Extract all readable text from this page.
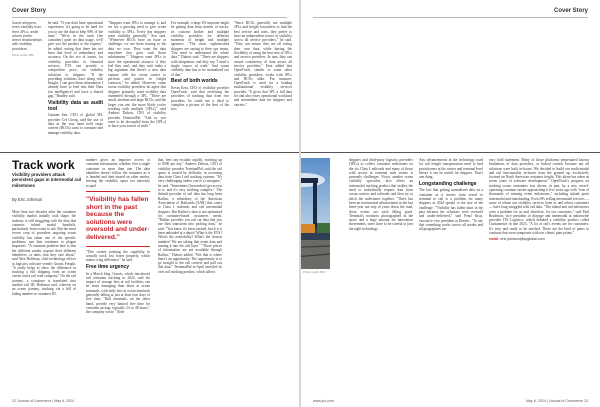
Cover Story
Some shippers, even visibility from their 3PLs, while others prefer direct relationships with visibility providers.
Photo credit: ABC

he said. "If you don't have operational experience, it's going to be hard for you to use the data to help 90% of the time." "We're in the track [the container] quiet on data usage, we'll give you the product to the experts," he added, noting that there has not been that level of redundancy and accuracy. On the eco of issues, for visibility providers to financial services, FTS can provide a competitive price, on visibility solutions to shippers. "If the providing solutions have along with Insight, I can give them information I already have to feed into their Data (on intelligence) and have a shared gap," Bradley said.

Visibility data as audit tool

Gautam Sen, CEO of global 3PL provider Cel Group, said the use of data in the way hand held cargo owners (BCOs) want to consume and manage visibility data.

"Shippers want 3PLs to manage it, and we see a growing need to give ocean visibility to 3PLs. Every day shippers want visibility generally," Sen said. "Whenever BCOs have an issue or challenge, we see them turning to the data we own. They want the data anywhere that goes with those subdomains." "Shippers want 3PLs to store the operational resource if they feel they can't, and they can't make a big argument that there's a new data capture with the ocean carrier to perform and parties in freight contracts," he added. However, some ocean visibility providers do agree that shippers primarily want visibility data channeled through a 3PL. "There are small, medium and large BCOs, and the larger you are, the more likely you're working with multiple [3PLs]," said Andrew Dubois, CEO of visibility provider TerminalPal. "And so, you want to be decoupled from the [3PLs] to have your source of truth."

For example, a large US importer might be getting data from dozens of trucks, its customs broker and multiple visibility providers for different moments of freight and multiple agencies. "The most sophisticated shippers are saying to their ops teams, 'You need to understand the whole data,'" Dubois said. "There are shippers with integration, and they say, 'I need a single source of truth.' And ocean visibility data has to be normalized out of that."

Best of both worlds

Kevin Ezra, CEO of visibility provider OpenTrack, said that reviewing the providers of tracking data from two providers, he could use a third to complete a picture of the best of the two.

"Since BCOs generally use multiple 3PLs and freight forwarders to find the best service and rates, they prefer to have an independent source of visibility across all service providers," he said. "They can ensure they are all seeing their own data, while having the flexibility of using the best mix of 3PLs and service providers. In turn, they can ensure consistency of data across all service providers." Ezra added that OpenTrack, similar to some other visibility providers, works with 3PLs and BCOs alike. For instance, OpenTrack is used for a leading multinational visibility services provider. "It gives that 3PL a full data set and also eases operational workload and streamlines data for shippers and carriers."

Track work
Visibility providers attack persistent gaps in intermodal rail milestones
By Eric Johnson

More than two decades after the container visibility market initially took shape, the industry is still struggling with the data that connects inland modal handoffs, particularly from ocean to rail. But the most recent crop of providers targeting ocean visibility has taken one of the specific problems, one that continues to plague importers. "A common problem here is that the different modes acquire their different identifiers, or units, that they care about," said Alex Hoffman, chief technology officer at logistics software vendor Gnosis Freight. "It really helps to show the difference in tracking a full shipping from an ocean carrier and a rail road company." On the rail journey, a container is translated into another rail ID, Hoffman said, whereas on an ocean journey, tracking via a bill of lading number or container ID.

number gives an importer access to container information, whether it be a single container or more than one. The data identifier doesn't follow the container as it is handed and then turned on other modes, leaving the visibility space too narrowly scoped.

"Visibility has fallen short in the past because the solutions were oversold and under-delivered."

"This creates tracking the capability to actually track lost boxes properly, which makes a big difference," he said.

Free time urgency

In a March blog, Gnosis, which introduced rail container tracking in 2022, said the impact of storage fees at rail facilities can be more damaging than those at ocean terminals, with daily fees in ocean terminals generally falling at just at least four days of free time. "Rail terminals, on the other hand, provide very limited free time for container pickup, typically 24 or 48 hours," the company wrote. "After

that, fees can escalate rapidly, reaching up to $500 per day." Andrew Dubois, CEO of visibility provider TerminalPal, said the rail space is caused by difficulty in accessing data from Class I rail tracking systems. "It's very challenging unless you're a consignee," he said. "Sometimes [forwarders] get access to it, and it's very tracking complex." The default provider of rail data has long been Railinc, a subsidiary of the American Association of Railroads (AAR) that caters to Class I railroads and rail intermodal shippers. But Railinc's data is not optimized for container-based customers needs. "Railinc provides you rail car data that you use then transform into picking data," he said. "You know it's been tracked, but it is it been unloaded at a depot? What is the ETA? What's the availability? What's the chassis number? We are taking that event data and turning it into the rail layer." "Those pieces of information are not available through Railinc," Dubois added. "Not that is where there's an opportunity. The opportunity is to go straight to the rail carriers and pull out that data." TerminalPal in April unveiled its own rail tracking product, which allows

12 Journal of Commerce | May 6, 2024
Cover Story
Photo credit: ABC

shippers and third-party logistics providers (3PLs) to collect container milestones on the six Class I railroads and many of those with access at terminal mile stones is presently challenges. Victor, another ocean visibility specialist, also offers an intermodal tracking product that tackles the need to individually request data from ocean carriers and railroads and then try to stitch the milestones together. "There has been an incremental advancement in the last three-year not step of years down the road, those events are each filling good. Terminal's monitors photographed in the space and a huge amount for innovation movements, users have to be careful to join the right technology.

Any advancements in the technology used for rail freight transportation need to find practitioners at the carrier and terminal level before it can be useful for shippers. That's one thing.

Longstanding challenge

The fact that getting normalized data on a container as it moves from vessel to terminal to rail is a problem for many shippers in 2024 speaks to the size of the challenge. "Visibility has fallen short in the past because the solutions were oversold and under-delivered," said Pearl Kisst, executive vice president at Dezeric. "To say that something works across all modes and all geographies too

vary bold statement. Many of those platforms perpetuated known limitations of data providers, or lacked context because not all solutions were built in-house. We decided to build our multi-modal and rail functionality in-house from the ground up, exclusively focused on North American container freight. This alone has taken us seven years of software development." OpenTrack's progress on tracking ocean containers was driven, in part, by a new vessel-operating common carrier approaching it five years ago with "tens of thousands of missing event milestones," including inland point intermodal and transloading. Even SPs selling intermodal services — some of whom use visibility services from us and others customers — have long struggled with rail data. "The inland and rail milestones were a problem for us and, therefore, for our customers," said Paul Bradshaw, vice president of drayage and intermodal at nationwide provider ITS Logistics, which debuted a visibility product called Containerize in late 2023. "A lot of rail's events are for customers. It's easy and ready to be reached. These are the kind of pains to continue that were symptoms with our clients' pain points."

email: eric.johnson@spglobal.com

www.joc.com	May 6, 2024 | Journal of Commerce 13
